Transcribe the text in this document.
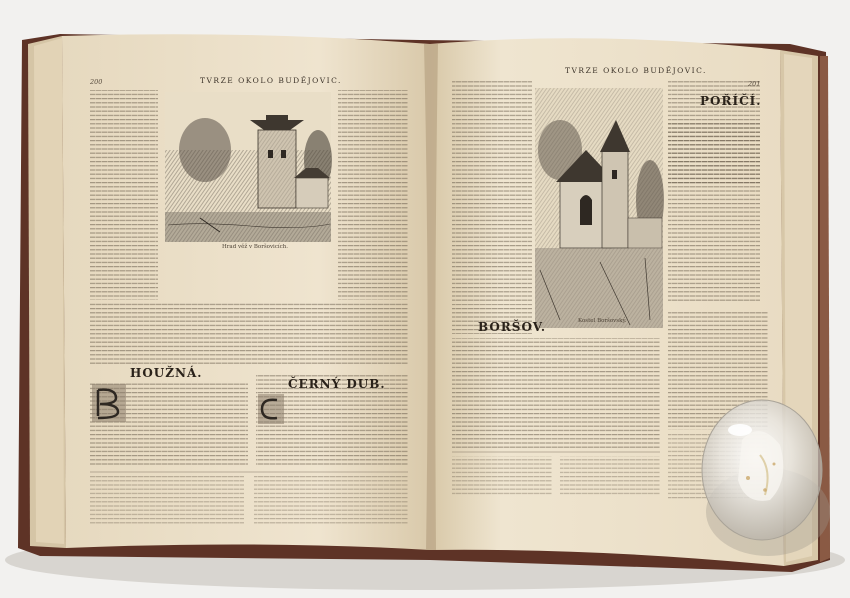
200	TVRZE OKOLO BUDĚJOVIC.
Hrad věž v Boršovicích.
HOUŽNÁ.
ČERNÝ DUB.
TVRZE OKOLO BUDĚJOVIC.
201
Kostel Boršovský.
BORŠOV.
POŘÍČÍ.
